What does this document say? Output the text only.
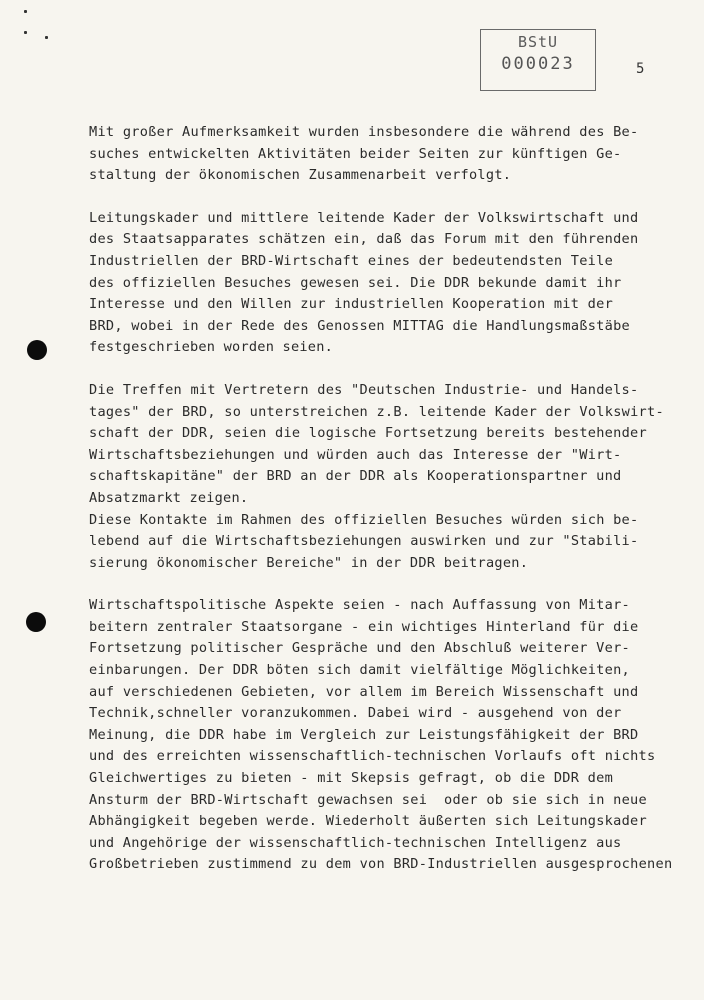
BStU
000023	5
Mit großer Aufmerksamkeit wurden insbesondere die während des Be-
suches entwickelten Aktivitäten beider Seiten zur künftigen Ge-
staltung der ökonomischen Zusammenarbeit verfolgt.
Leitungskader und mittlere leitende Kader der Volkswirtschaft und
des Staatsapparates schätzen ein, daß das Forum mit den führenden
Industriellen der BRD-Wirtschaft eines der bedeutendsten Teile
des offiziellen Besuches gewesen sei. Die DDR bekunde damit ihr
Interesse und den Willen zur industriellen Kooperation mit der
BRD, wobei in der Rede des Genossen MITTAG die Handlungsmaßstäbe
festgeschrieben worden seien.
Die Treffen mit Vertretern des "Deutschen Industrie- und Handels-
tages" der BRD, so unterstreichen z.B. leitende Kader der Volkswirt-
schaft der DDR, seien die logische Fortsetzung bereits bestehender
Wirtschaftsbeziehungen und würden auch das Interesse der "Wirt-
schaftskapitäne" der BRD an der DDR als Kooperationspartner und
Absatzmarkt zeigen.
Diese Kontakte im Rahmen des offiziellen Besuches würden sich be-
lebend auf die Wirtschaftsbeziehungen auswirken und zur "Stabili-
sierung ökonomischer Bereiche" in der DDR beitragen.
Wirtschaftspolitische Aspekte seien - nach Auffassung von Mitar-
beitern zentraler Staatsorgane - ein wichtiges Hinterland für die
Fortsetzung politischer Gespräche und den Abschluß weiterer Ver-
einbarungen. Der DDR böten sich damit vielfältige Möglichkeiten,
auf verschiedenen Gebieten, vor allem im Bereich Wissenschaft und
Technik,schneller voranzukommen. Dabei wird - ausgehend von der
Meinung, die DDR habe im Vergleich zur Leistungsfähigkeit der BRD
und des erreichten wissenschaftlich-technischen Vorlaufs oft nichts
Gleichwertiges zu bieten - mit Skepsis gefragt, ob die DDR dem
Ansturm der BRD-Wirtschaft gewachsen sei  oder ob sie sich in neue
Abhängigkeit begeben werde. Wiederholt äußerten sich Leitungskader
und Angehörige der wissenschaftlich-technischen Intelligenz aus
Großbetrieben zustimmend zu dem von BRD-Industriellen ausgesprochenen
